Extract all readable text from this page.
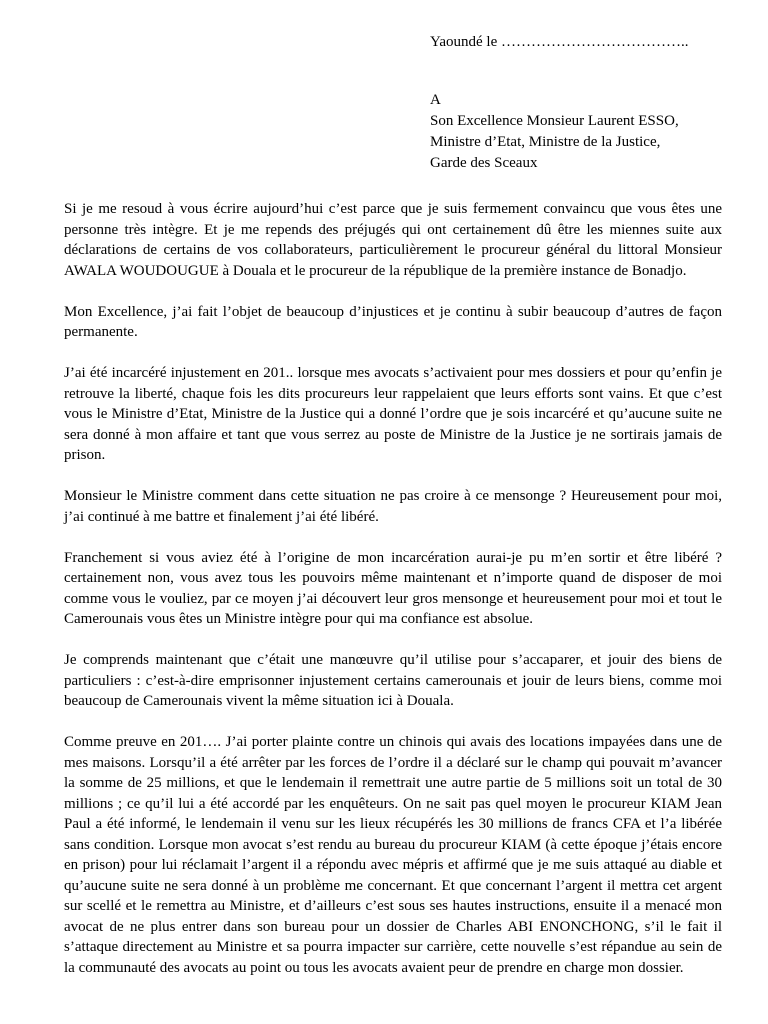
Yaoundé le ………………………………..
A
Son Excellence Monsieur Laurent ESSO,
Ministre d’Etat, Ministre de la Justice,
Garde des Sceaux

Si je me resoud à vous écrire aujourd’hui c’est parce que je suis fermement convaincu que vous êtes une personne très intègre. Et je me repends des préjugés qui ont certainement dû être les miennes suite aux déclarations de certains de vos collaborateurs, particulièrement le procureur général du littoral Monsieur AWALA WOUDOUGUE à Douala et le procureur de la république de la première instance de Bonadjo.

Mon Excellence, j’ai fait l’objet de beaucoup d’injustices et je continu à subir beaucoup d’autres de façon permanente.

J’ai été incarcéré injustement en 201.. lorsque mes avocats s’activaient pour mes dossiers et pour qu’enfin je retrouve la liberté, chaque fois les dits procureurs leur rappelaient que leurs efforts sont vains. Et que c’est vous le Ministre d’Etat, Ministre de la Justice qui a donné l’ordre que je sois incarcéré et qu’aucune suite ne sera donné à mon affaire et tant que vous serrez au poste de Ministre de la Justice je ne sortirais jamais de prison.

Monsieur le Ministre comment dans cette situation ne pas croire à ce mensonge ? Heureusement pour moi, j’ai continué à me battre et finalement j’ai été libéré.

Franchement si vous aviez été à l’origine de mon incarcération aurai-je pu m’en sortir et être libéré ? certainement non, vous avez tous les pouvoirs même maintenant et n’importe quand de disposer de moi comme vous le vouliez, par ce moyen j’ai découvert leur gros mensonge et heureusement pour moi et tout le Camerounais vous êtes un Ministre intègre pour qui ma confiance est absolue.

Je comprends maintenant que c’était une manœuvre qu’il utilise pour s’accaparer, et jouir des biens de particuliers : c’est-à-dire emprisonner injustement certains camerounais et jouir de leurs biens, comme moi beaucoup de Camerounais vivent la même situation ici à Douala.

Comme preuve en 201…. J’ai porter plainte contre un chinois qui avais des locations impayées dans une de mes maisons. Lorsqu’il a été arrêter par les forces de l’ordre il a déclaré sur le champ qui pouvait m’avancer la somme de 25 millions, et que le lendemain il remettrait une autre partie de 5 millions soit un total de 30 millions ; ce qu’il lui a été accordé par les enquêteurs. On ne sait pas quel moyen le procureur KIAM Jean Paul a été informé, le lendemain il venu sur les lieux récupérés les 30 millions de francs CFA et l’a libérée sans condition. Lorsque mon avocat s’est rendu au bureau du procureur KIAM (à cette époque j’étais encore en prison) pour lui réclamait l’argent il a répondu avec mépris et affirmé que je me suis attaqué au diable et qu’aucune suite ne sera donné à un problème me concernant. Et que concernant l’argent il mettra cet argent sur scellé et le remettra au Ministre, et d’ailleurs c’est sous ses hautes instructions, ensuite il a menacé mon avocat de ne plus entrer dans son bureau pour un dossier de Charles ABI ENONCHONG, s’il le fait il s’attaque directement au Ministre et sa pourra impacter sur carrière, cette nouvelle s’est répandue au sein de la communauté des avocats au point ou tous les avocats avaient peur de prendre en charge mon dossier.
